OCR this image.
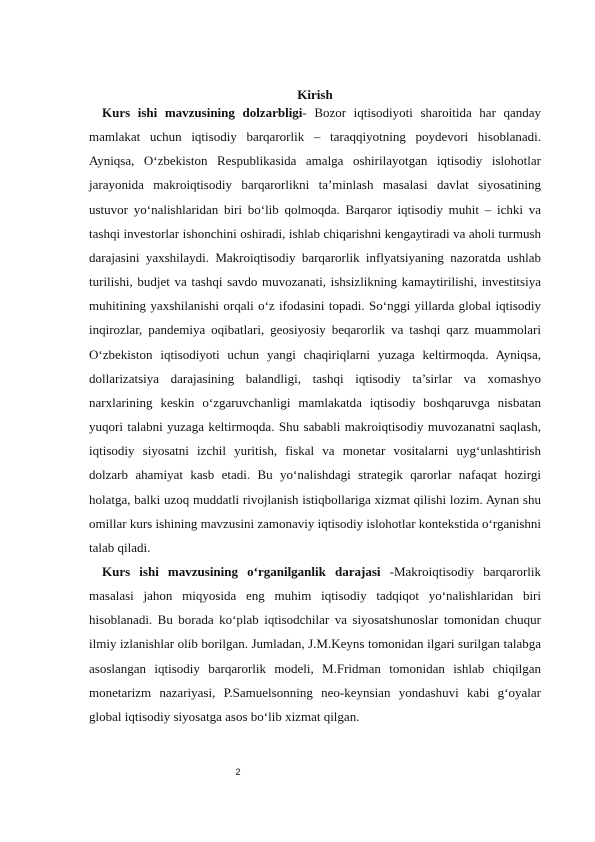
Kirish

Kurs ishi mavzusining dolzarbligi- Bozor iqtisodiyoti sharoitida har qanday mamlakat uchun iqtisodiy barqarorlik – taraqqiyotning poydevori hisoblanadi. Ayniqsa, O‘zbekiston Respublikasida amalga oshirilayotgan iqtisodiy islohotlar jarayonida makroiqtisodiy barqarorlikni ta’minlash masalasi davlat siyosatining ustuvor yo‘nalishlaridan biri bo‘lib qolmoqda. Barqaror iqtisodiy muhit – ichki va tashqi investorlar ishonchini oshiradi, ishlab chiqarishni kengaytiradi va aholi turmush darajasini yaxshilaydi. Makroiqtisodiy barqarorlik inflyatsiyaning nazoratda ushlab turilishi, budjet va tashqi savdo muvozanati, ishsizlikning kamaytirilishi, investitsiya muhitining yaxshilanishi orqali o‘z ifodasini topadi. So‘nggi yillarda global iqtisodiy inqirozlar, pandemiya oqibatlari, geosiyosiy beqarorlik va tashqi qarz muammolari O‘zbekiston iqtisodiyoti uchun yangi chaqiriqlarni yuzaga keltirmoqda. Ayniqsa, dollarizatsiya darajasining balandligi, tashqi iqtisodiy ta’sirlar va xomashyo narxlarining keskin o‘zgaruvchanligi mamlakatda iqtisodiy boshqaruvga nisbatan yuqori talabni yuzaga keltirmoqda. Shu sababli makroiqtisodiy muvozanatni saqlash, iqtisodiy siyosatni izchil yuritish, fiskal va monetar vositalarni uyg‘unlashtirish dolzarb ahamiyat kasb etadi. Bu yo‘nalishdagi strategik qarorlar nafaqat hozirgi holatga, balki uzoq muddatli rivojlanish istiqbollariga xizmat qilishi lozim. Aynan shu omillar kurs ishining mavzusini zamonaviy iqtisodiy islohotlar kontekstida o‘rganishni talab qiladi.

Kurs ishi mavzusining o‘rganilganlik darajasi -Makroiqtisodiy barqarorlik masalasi jahon miqyosida eng muhim iqtisodiy tadqiqot yo‘nalishlaridan biri hisoblanadi. Bu borada ko‘plab iqtisodchilar va siyosatshunoslar tomonidan chuqur ilmiy izlanishlar olib borilgan. Jumladan, J.M.Keyns tomonidan ilgari surilgan talabga asoslangan iqtisodiy barqarorlik modeli, M.Fridman tomonidan ishlab chiqilgan monetarizm nazariyasi, P.Samuelsonning neo-keynsian yondashuvi kabi g‘oyalar global iqtisodiy siyosatga asos bo‘lib xizmat qilgan.

2
